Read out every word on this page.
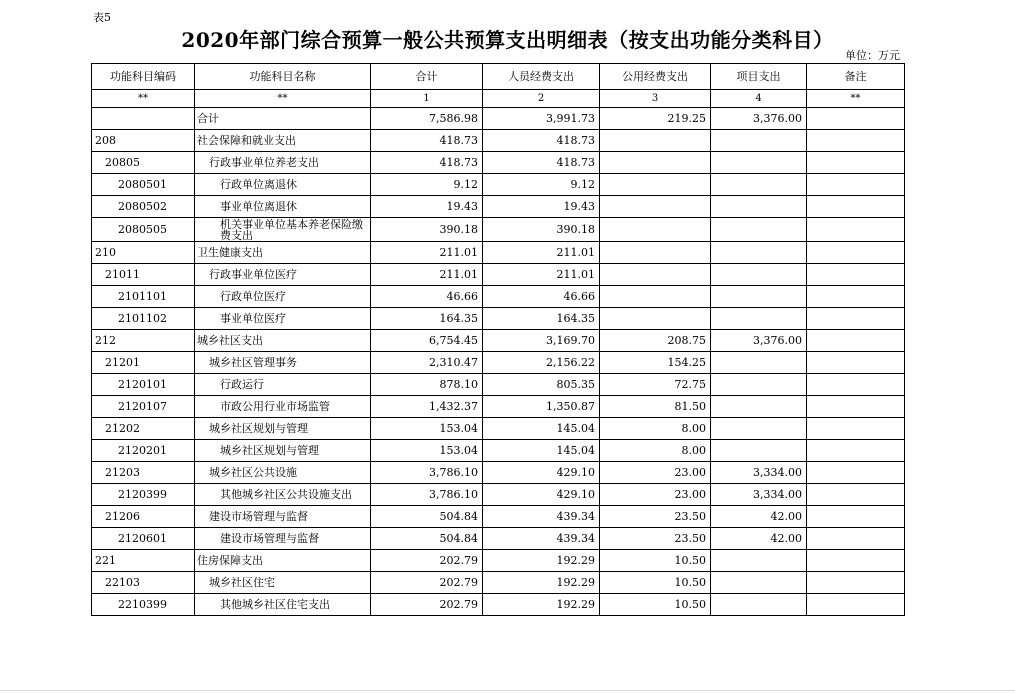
表5
2020年部门综合预算一般公共预算支出明细表（按支出功能分类科目）
单位：万元
功能科目编码	功能科目名称	合计	人员经费支出	公用经费支出	项目支出	备注
**	**	1	2	3	4	**
	合计	7,586.98	3,991.73	219.25	3,376.00	
208	社会保障和就业支出	418.73	418.73			
20805	行政事业单位养老支出	418.73	418.73			
2080501	行政单位离退休	9.12	9.12			
2080502	事业单位离退休	19.43	19.43			
2080505	机关事业单位基本养老保险缴费支出	390.18	390.18			
210	卫生健康支出	211.01	211.01			
21011	行政事业单位医疗	211.01	211.01			
2101101	行政单位医疗	46.66	46.66			
2101102	事业单位医疗	164.35	164.35			
212	城乡社区支出	6,754.45	3,169.70	208.75	3,376.00	
21201	城乡社区管理事务	2,310.47	2,156.22	154.25		
2120101	行政运行	878.10	805.35	72.75		
2120107	市政公用行业市场监管	1,432.37	1,350.87	81.50		
21202	城乡社区规划与管理	153.04	145.04	8.00		
2120201	城乡社区规划与管理	153.04	145.04	8.00		
21203	城乡社区公共设施	3,786.10	429.10	23.00	3,334.00	
2120399	其他城乡社区公共设施支出	3,786.10	429.10	23.00	3,334.00	
21206	建设市场管理与监督	504.84	439.34	23.50	42.00	
2120601	建设市场管理与监督	504.84	439.34	23.50	42.00	
221	住房保障支出	202.79	192.29	10.50		
22103	城乡社区住宅	202.79	192.29	10.50		
2210399	其他城乡社区住宅支出	202.79	192.29	10.50		
